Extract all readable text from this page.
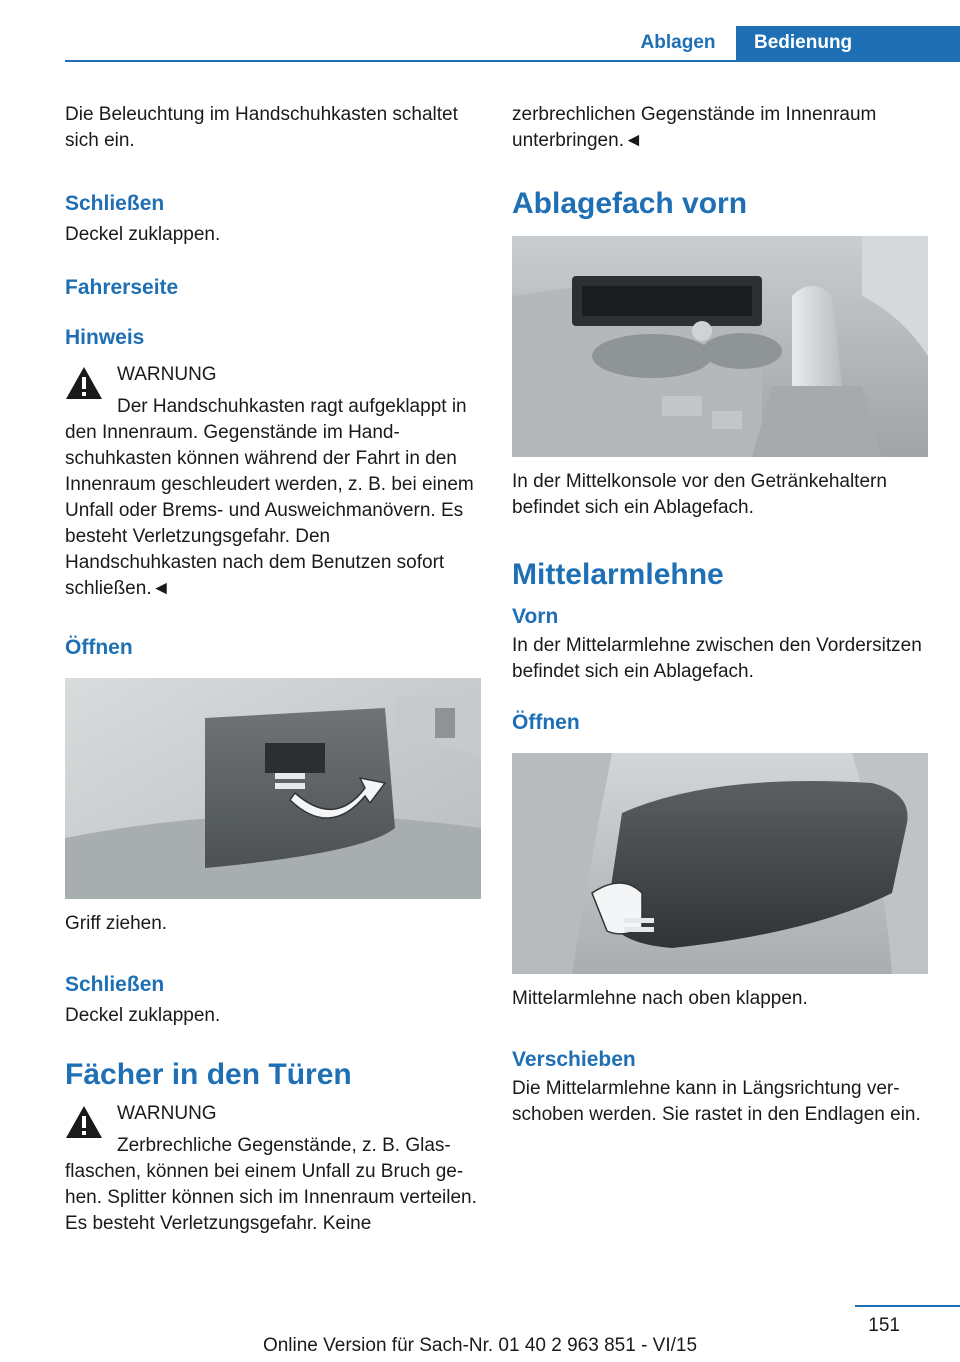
Ablagen	Bedienung

Die Beleuchtung im Handschuhkasten schaltet sich ein.

Schließen

Deckel zuklappen.

Fahrerseite
Hinweis

WARNUNG

Der Handschuhkasten ragt aufgeklappt in den Innenraum. Gegenstände im Handschuhkasten können während der Fahrt in den Innenraum geschleudert werden, z. B. bei einem Unfall oder Brems- und Ausweichmanövern. Es besteht Verletzungsgefahr. Den Handschuhkasten nach dem Benutzen sofort schließen.◄

Öffnen

Griff ziehen.

Schließen

Deckel zuklappen.

Fächer in den Türen

WARNUNG

Zerbrechliche Gegenstände, z. B. Glasflaschen, können bei einem Unfall zu Bruch gehen. Splitter können sich im Innenraum verteilen. Es besteht Verletzungsgefahr. Keine

zerbrechlichen Gegenstände im Innenraum unterbringen.◄

Ablagefach vorn

In der Mittelkonsole vor den Getränkehaltern befindet sich ein Ablagefach.

Mittelarmlehne
Vorn

In der Mittelarmlehne zwischen den Vordersitzen befindet sich ein Ablagefach.

Öffnen

Mittelarmlehne nach oben klappen.

Verschieben

Die Mittelarmlehne kann in Längsrichtung verschoben werden. Sie rastet in den Endlagen ein.

151
Online Version für Sach-Nr. 01 40 2 963 851 - VI/15
